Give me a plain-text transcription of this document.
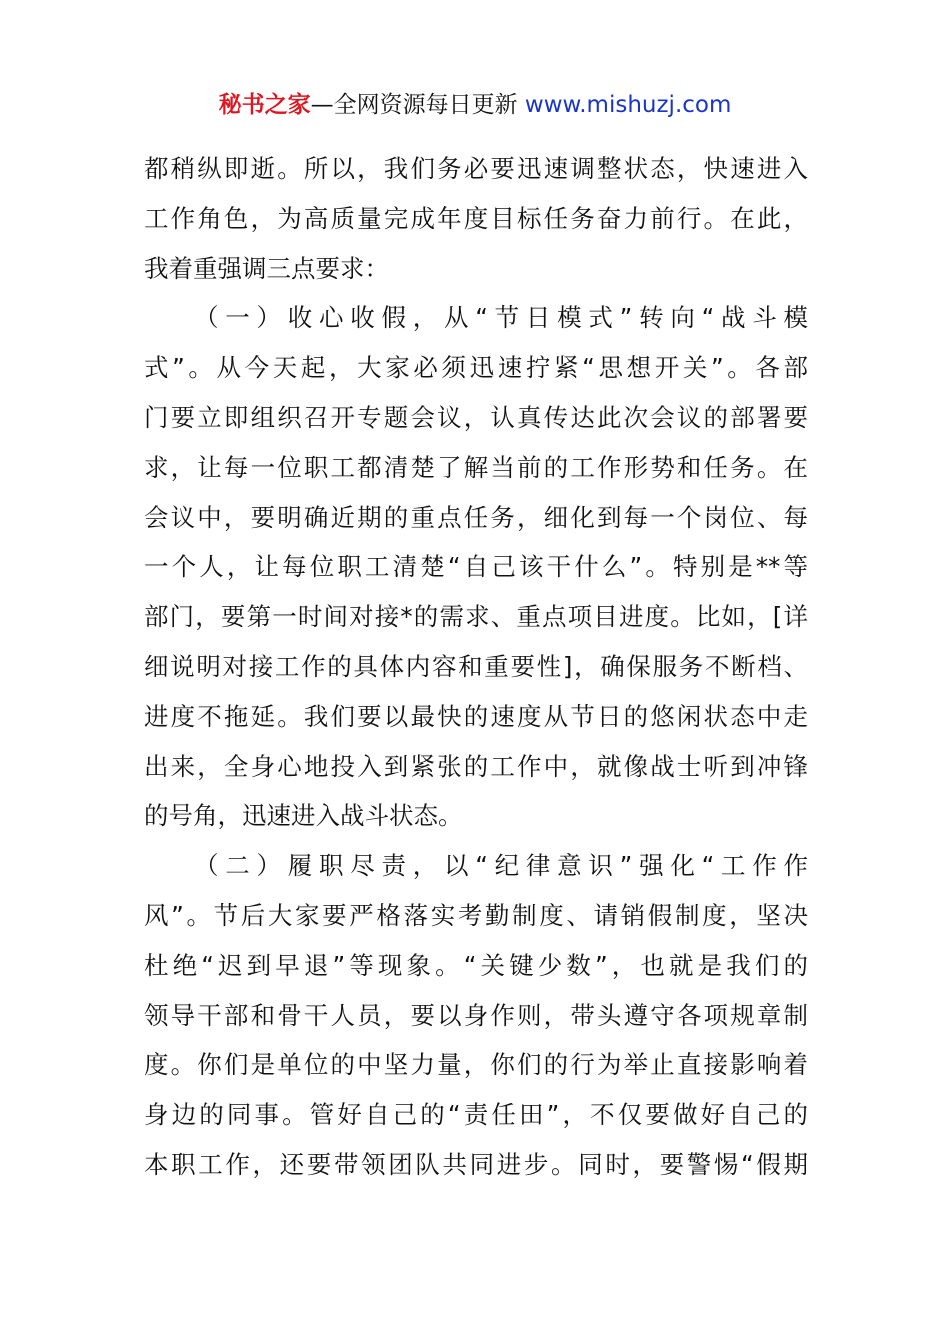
秘书之家—全网资源每日更新 www.mishuzj.com
都稍纵即逝。所以，我们务必要迅速调整状态，快速进入
工作角色，为高质量完成年度目标任务奋力前行。在此，
我着重强调三点要求：
（一）收心收假，从“节日模式”转向“战斗模
式”。从今天起，大家必须迅速拧紧“思想开关”。各部
门要立即组织召开专题会议，认真传达此次会议的部署要
求，让每一位职工都清楚了解当前的工作形势和任务。在
会议中，要明确近期的重点任务，细化到每一个岗位、每
一个人，让每位职工清楚“自己该干什么”。特别是**等
部门，要第一时间对接*的需求、重点项目进度。比如，[详
细说明对接工作的具体内容和重要性]，确保服务不断档、
进度不拖延。我们要以最快的速度从节日的悠闲状态中走
出来，全身心地投入到紧张的工作中，就像战士听到冲锋
的号角，迅速进入战斗状态。
（二）履职尽责，以“纪律意识”强化“工作作
风”。节后大家要严格落实考勤制度、请销假制度，坚决
杜绝“迟到早退”等现象。“关键少数”，也就是我们的
领导干部和骨干人员，要以身作则，带头遵守各项规章制
度。你们是单位的中坚力量，你们的行为举止直接影响着
身边的同事。管好自己的“责任田”，不仅要做好自己的
本职工作，还要带领团队共同进步。同时，要警惕“假期
